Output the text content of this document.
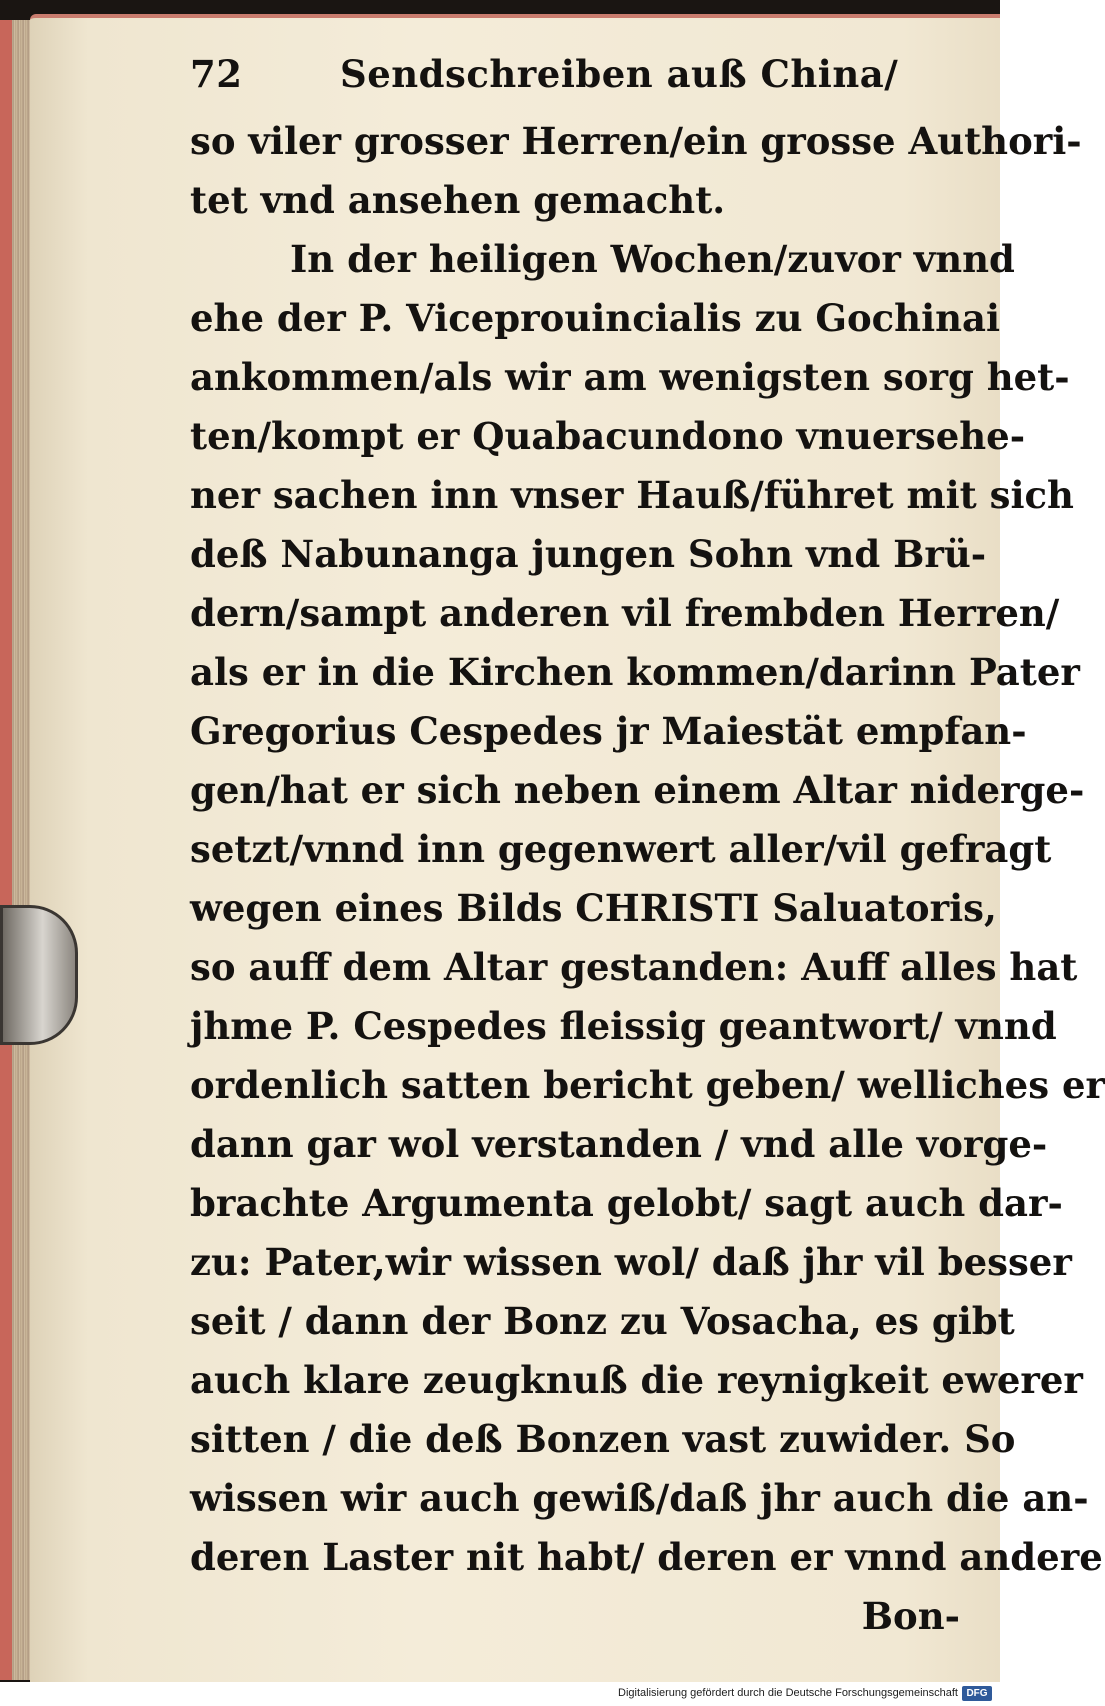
72	Sendschreiben auß China/
so viler grosser Herren/ein grosse Authori-
tet vnd ansehen gemacht.
In der heiligen Wochen/zuvor vnnd
ehe der P. Viceprouincialis zu Gochinai
ankommen/als wir am wenigsten sorg het-
ten/kompt er Quabacundono vnuersehe-
ner sachen inn vnser Hauß/führet mit sich
deß Nabunanga jungen Sohn vnd Brü-
dern/sampt anderen vil frembden Herren/
als er in die Kirchen kommen/darinn Pater
Gregorius Cespedes jr Maiestät empfan-
gen/hat er sich neben einem Altar niderge-
setzt/vnnd inn gegenwert aller/vil gefragt
wegen eines Bilds CHRISTI Saluatoris,
so auff dem Altar gestanden: Auff alles hat
jhme P. Cespedes fleissig geantwort/ vnnd
ordenlich satten bericht geben/ welliches er
dann gar wol verstanden / vnd alle vorge-
brachte Argumenta gelobt/ sagt auch dar-
zu: Pater,wir wissen wol/ daß jhr vil besser
seit / dann der Bonz zu Vosacha, es gibt
auch klare zeugknuß die reynigkeit ewerer
sitten / die deß Bonzen vast zuwider. So
wissen wir auch gewiß/daß jhr auch die an-
deren Laster nit habt/ deren er vnnd andere
Bon-
Digitalisierung gefördert durch die Deutsche Forschungsgemeinschaft DFG
